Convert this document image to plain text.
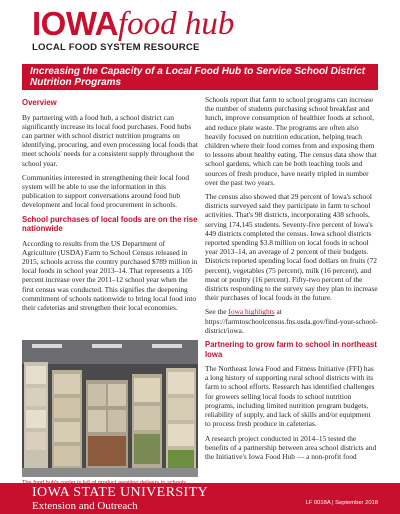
IOWA food hub
LOCAL FOOD SYSTEM RESOURCE
Increasing the Capacity of a Local Food Hub to Service School District Nutrition Programs
Overview

By partnering with a food hub, a school district can significantly increase its local food purchases. Food hubs can partner with school district nutrition programs on identifying, procuring, and even processing local foods that meet schools' needs for a consistent supply throughout the school year.

Communities interested in strengthening their local food system will be able to use the information in this publication to support conversations around food hub development and local food procurement in schools.

School purchases of local foods are on the rise nationwide

According to results from the US Department of Agriculture (USDA) Farm to School Census released in 2015, schools across the country purchased $789 million in local foods in school year 2013–14. That represents a 105 percent increase over the 2011–12 school year when the first census was conducted. This signifies the deepening commitment of schools nationwide to bring local food into their cafeterias and strengthen their local economies.

Schools report that farm to school programs can increase the number of students purchasing school breakfast and lunch, improve consumption of healthier foods at school, and reduce plate waste. The programs are often also heavily focused on nutrition education, helping teach children where their food comes from and exposing them to lessons about healthy eating. The census data show that school gardens, which can be both teaching tools and sources of fresh produce, have nearly tripled in number over the past two years.

The census also showed that 29 percent of Iowa's school districts surveyed said they participate in farm to school activities. That's 98 districts, incorporating 438 schools, serving 174,145 students. Seventy-five percent of Iowa's 449 districts completed the census. Iowa school districts reported spending $3.8 million on local foods in school year 2013–14, an average of 2 percent of their budgets. Districts reported spending local food dollars on fruits (72 percent), vegetables (75 percent), milk (16 percent), and meat or poultry (16 percent). Fifty-two percent of the districts responding to the survey say they plan to increase their purchases of local foods in the future.

See the Iowa highlights at https://farmtoschoolcensus.fns.usda.gov/find-your-school-district/iowa.

Partnering to grow farm to school in northeast Iowa

The Northeast Iowa Food and Fitness Initiative (FFI) has a long history of supporting rural school districts with its farm to school efforts. Research has identified challenges for growers selling local foods to school nutrition programs, including limited nutrition program budgets, reliability of supply, and lack of skills and/or equipment to process fresh produce in cafeterias.

A research project conducted in 2014–15 tested the benefits of a partnership between area school districts and the Initiative's Iowa Food Hub — a non-profit food

IOWA STATE UNIVERSITY
Extension and Outreach	LF 0018A | September 2018
